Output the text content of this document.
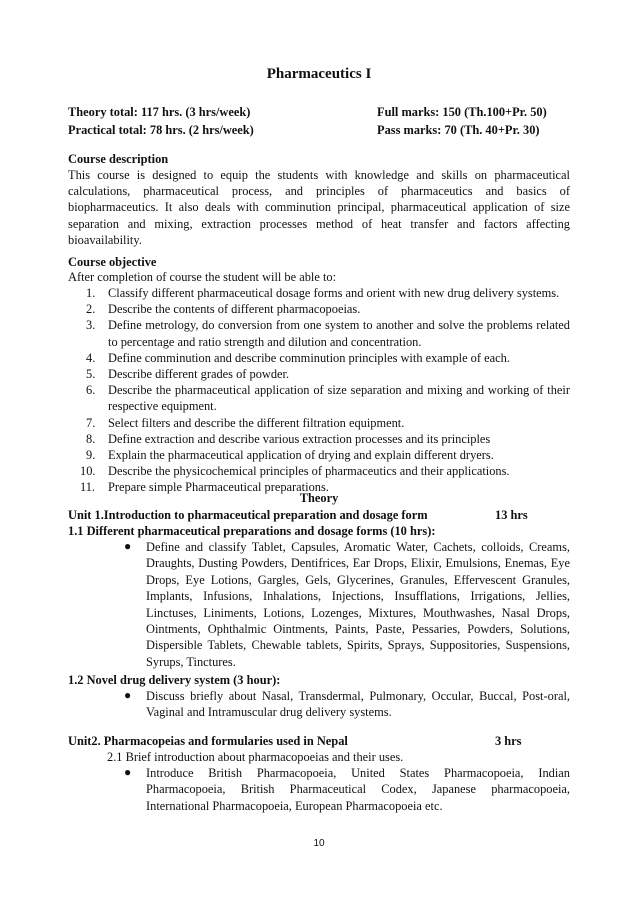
Pharmaceutics I
Theory total: 117 hrs. (3 hrs/week)	Full marks: 150 (Th.100+Pr. 50)
Practical total: 78 hrs. (2 hrs/week)	Pass marks: 70 (Th. 40+Pr. 30)
Course description
This course is designed to equip the students with knowledge and skills on pharmaceutical calculations, pharmaceutical process, and principles of pharmaceutics and basics of biopharmaceutics. It also deals with comminution principal, pharmaceutical application of size separation and mixing, extraction processes method of heat transfer and factors affecting bioavailability.
Course objective
After completion of course the student will be able to:
1. Classify different pharmaceutical dosage forms and orient with new drug delivery systems.
2. Describe the contents of different pharmacopoeias.
3. Define metrology, do conversion from one system to another and solve the problems related to percentage and ratio strength and dilution and concentration.
4. Define comminution and describe comminution principles with example of each.
5. Describe different grades of powder.
6. Describe the pharmaceutical application of size separation and mixing and working of their respective equipment.
7. Select filters and describe the different filtration equipment.
8. Define extraction and describe various extraction processes and its principles
9. Explain the pharmaceutical application of drying and explain different dryers.
10. Describe the physicochemical principles of pharmaceutics and their applications.
11. Prepare simple Pharmaceutical preparations.
Theory
Unit 1.Introduction to pharmaceutical preparation and dosage form	13 hrs
1.1 Different pharmaceutical preparations and dosage forms (10 hrs):
● Define and classify Tablet, Capsules, Aromatic Water, Cachets, colloids, Creams, Draughts, Dusting Powders, Dentifrices, Ear Drops, Elixir, Emulsions, Enemas, Eye Drops, Eye Lotions, Gargles, Gels, Glycerines, Granules, Effervescent Granules, Implants, Infusions, Inhalations, Injections, Insufflations, Irrigations, Jellies, Linctuses, Liniments, Lotions, Lozenges, Mixtures, Mouthwashes, Nasal Drops, Ointments, Ophthalmic Ointments, Paints, Paste, Pessaries, Powders, Solutions, Dispersible Tablets, Chewable tablets, Spirits, Sprays, Suppositories, Suspensions, Syrups, Tinctures.
1.2 Novel drug delivery system (3 hour):
● Discuss briefly about Nasal, Transdermal, Pulmonary, Occular, Buccal, Post-oral, Vaginal and Intramuscular drug delivery systems.
Unit2. Pharmacopeias and formularies used in Nepal	3 hrs
2.1 Brief introduction about pharmacopoeias and their uses.
● Introduce British Pharmacopoeia, United States Pharmacopoeia, Indian Pharmacopoeia, British Pharmaceutical Codex, Japanese pharmacopoeia, International Pharmacopoeia, European Pharmacopoeia etc.
10
